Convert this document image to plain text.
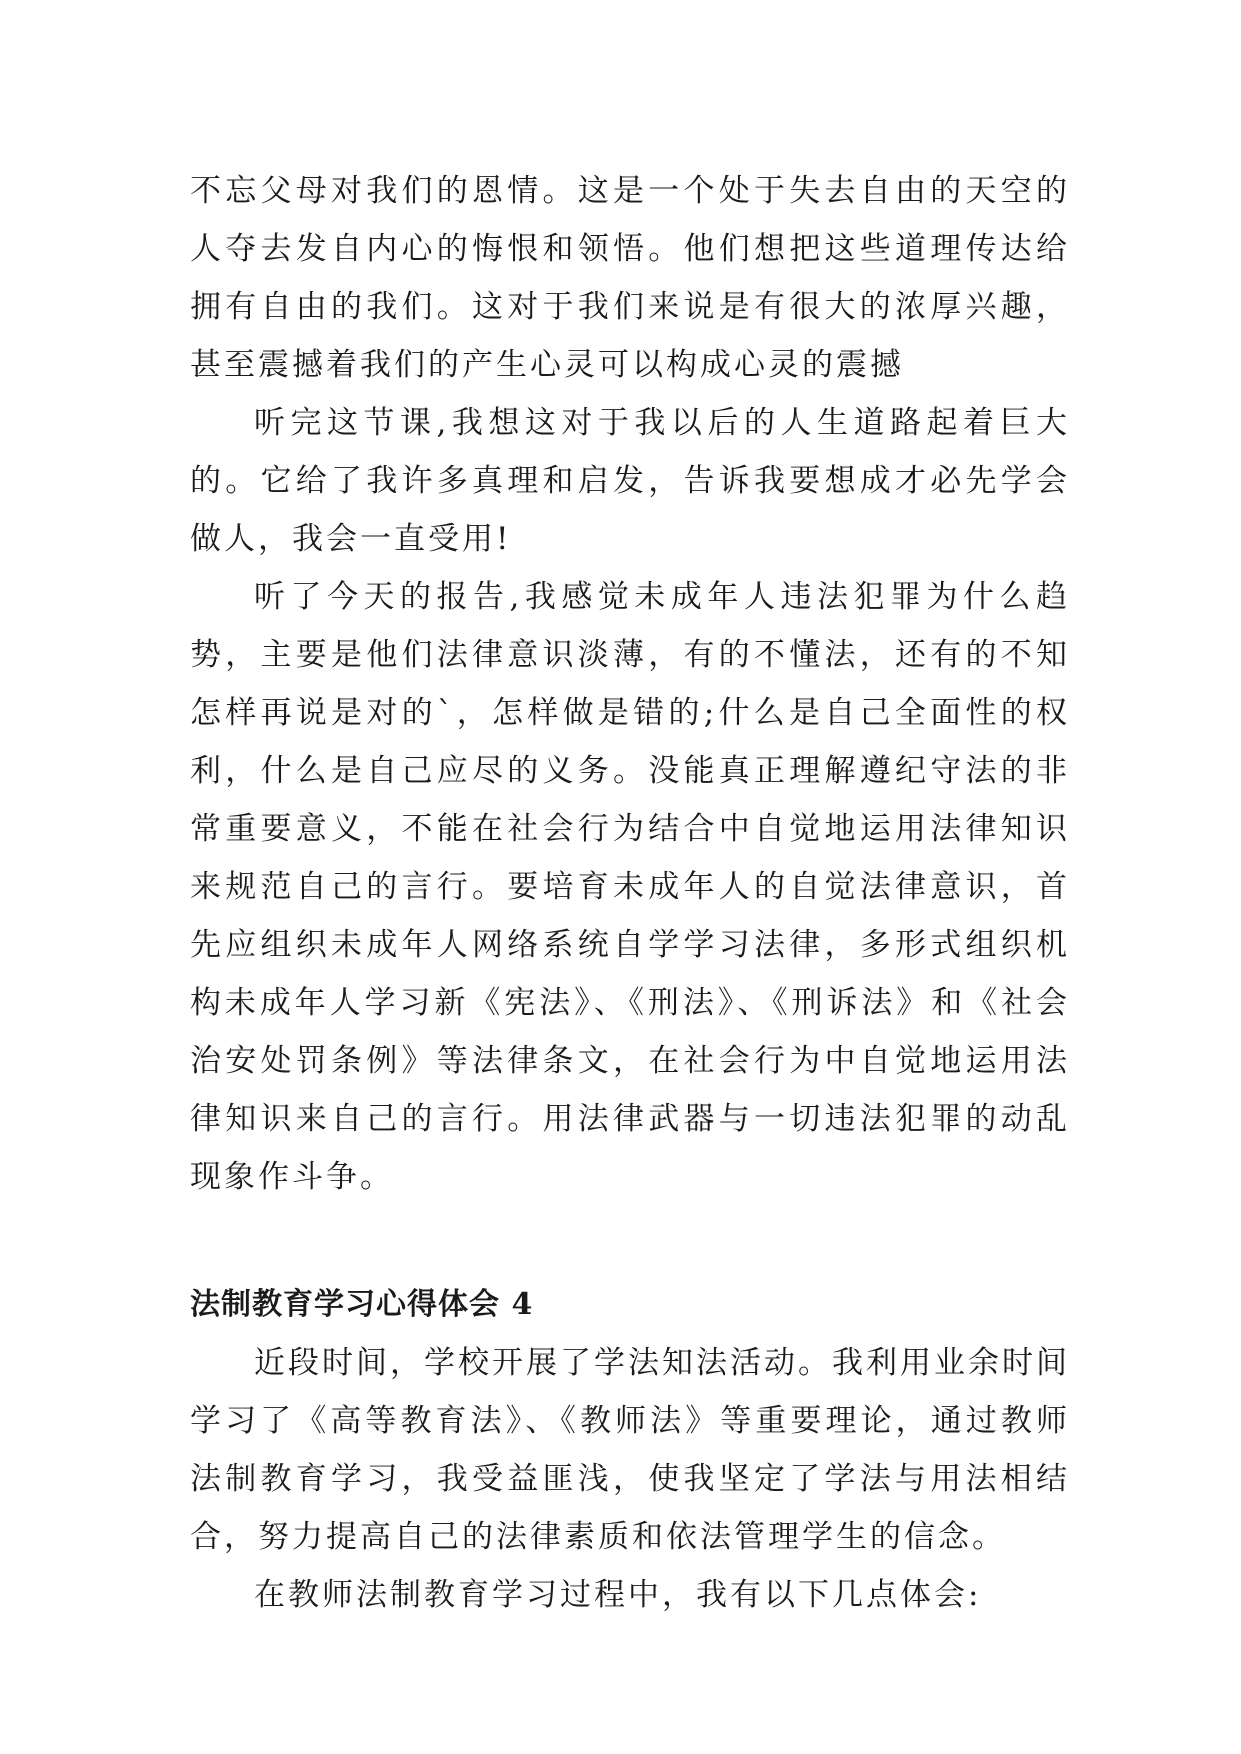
不忘父母对我们的恩情。这是一个处于失去自由的天空的人夺去发自内心的悔恨和领悟。他们想把这些道理传达给拥有自由的我们。这对于我们来说是有很大的浓厚兴趣，甚至震撼着我们的产生心灵可以构成心灵的震撼

听完这节课,我想这对于我以后的人生道路起着巨大的。它给了我许多真理和启发，告诉我要想成才必先学会做人，我会一直受用!

听了今天的报告,我感觉未成年人违法犯罪为什么趋势，主要是他们法律意识淡薄，有的不懂法，还有的不知怎样再说是对的`，怎样做是错的;什么是自己全面性的权利，什么是自己应尽的义务。没能真正理解遵纪守法的非常重要意义，不能在社会行为结合中自觉地运用法律知识来规范自己的言行。要培育未成年人的自觉法律意识，首先应组织未成年人网络系统自学学习法律，多形式组织机构未成年人学习新《宪法》、《刑法》、《刑诉法》和《社会治安处罚条例》等法律条文，在社会行为中自觉地运用法律知识来自己的言行。用法律武器与一切违法犯罪的动乱现象作斗争。

法制教育学习心得体会 4

近段时间，学校开展了学法知法活动。我利用业余时间学习了《高等教育法》、《教师法》等重要理论，通过教师法制教育学习，我受益匪浅，使我坚定了学法与用法相结合，努力提高自己的法律素质和依法管理学生的信念。

在教师法制教育学习过程中，我有以下几点体会:
